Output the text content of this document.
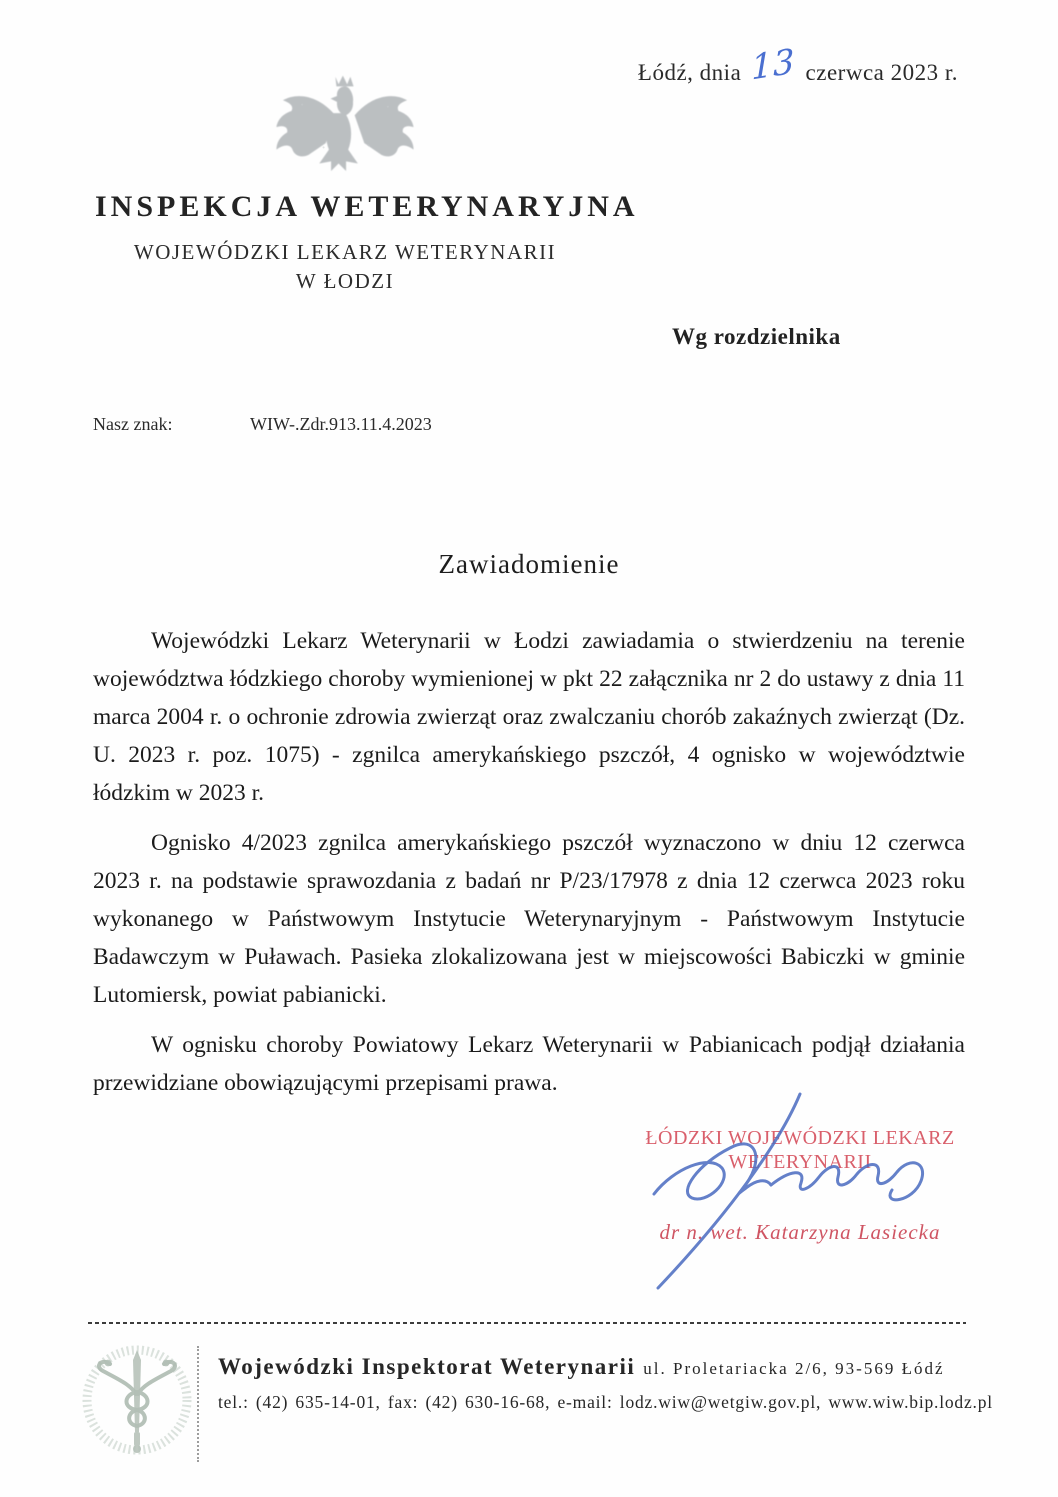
Łódź, dnia 13 czerwca 2023 r.
INSPEKCJA WETERYNARYJNA
WOJEWÓDZKI LEKARZ WETERYNARII
W ŁODZI
Wg rozdzielnika
Nasz znak:	WIW-.Zdr.913.11.4.2023
Zawiadomienie

Wojewódzki Lekarz Weterynarii w Łodzi zawiadamia o stwierdzeniu na terenie województwa łódzkiego choroby wymienionej w pkt 22 załącznika nr 2 do ustawy z dnia 11 marca 2004 r. o ochronie zdrowia zwierząt oraz zwalczaniu chorób zakaźnych zwierząt (Dz. U. 2023 r. poz. 1075) - zgnilca amerykańskiego pszczół, 4 ognisko w województwie łódzkim w 2023 r.

Ognisko 4/2023 zgnilca amerykańskiego pszczół wyznaczono w dniu 12 czerwca 2023 r. na podstawie sprawozdania z badań nr P/23/17978 z dnia 12 czerwca 2023 roku wykonanego w Państwowym Instytucie Weterynaryjnym - Państwowym Instytucie Badawczym w Puławach. Pasieka zlokalizowana jest w miejscowości Babiczki w gminie Lutomiersk, powiat pabianicki.

W ognisku choroby Powiatowy Lekarz Weterynarii w Pabianicach podjął działania przewidziane obowiązującymi przepisami prawa.

ŁÓDZKI WOJEWÓDZKI LEKARZ
WETERYNARII
dr n. wet. Katarzyna Lasiecka
Wojewódzki Inspektorat Weterynarii ul. Proletariacka 2/6, 93-569 Łódź
tel.: (42) 635-14-01, fax: (42) 630-16-68, e-mail: lodz.wiw@wetgiw.gov.pl, www.wiw.bip.lodz.pl
